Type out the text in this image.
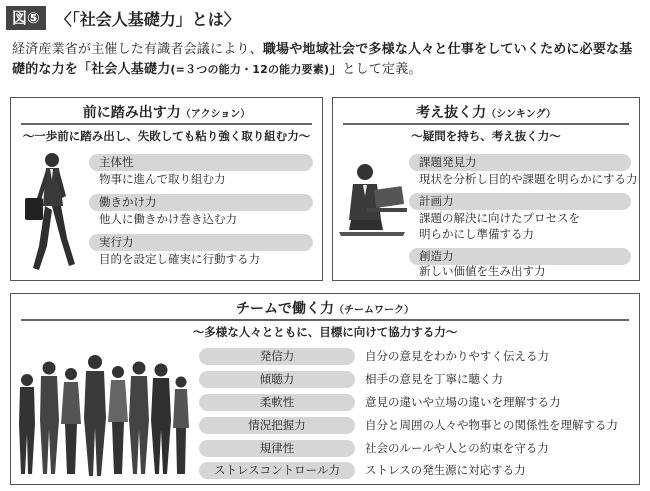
図⑤	〈「社会人基礎力」とは〉
経済産業省が主催した有識者会議により、職場や地域社会で多様な人々と仕事をしていくために必要な基礎的な力を「社会人基礎力(=３つの能力・12の能力要素)」として定義。
前に踏み出す力（アクション）
〜一歩前に踏み出し、失敗しても粘り強く取り組む力〜
主体性
物事に進んで取り組む力
働きかけ力
他人に働きかけ巻き込む力
実行力
目的を設定し確実に行動する力
考え抜く力（シンキング）
〜疑問を持ち、考え抜く力〜
課題発見力
現状を分析し目的や課題を明らかにする力
計画力
課題の解決に向けたプロセスを
明らかにし準備する力
創造力
新しい価値を生み出す力
チームで働く力（チームワーク）
〜多様な人々とともに、目標に向けて協力する力〜
発信力	自分の意見をわかりやすく伝える力
傾聴力	相手の意見を丁寧に聴く力
柔軟性	意見の違いや立場の違いを理解する力
情況把握力	自分と周囲の人々や物事との関係性を理解する力
規律性	社会のルールや人との約束を守る力
ストレスコントロール力	ストレスの発生源に対応する力
